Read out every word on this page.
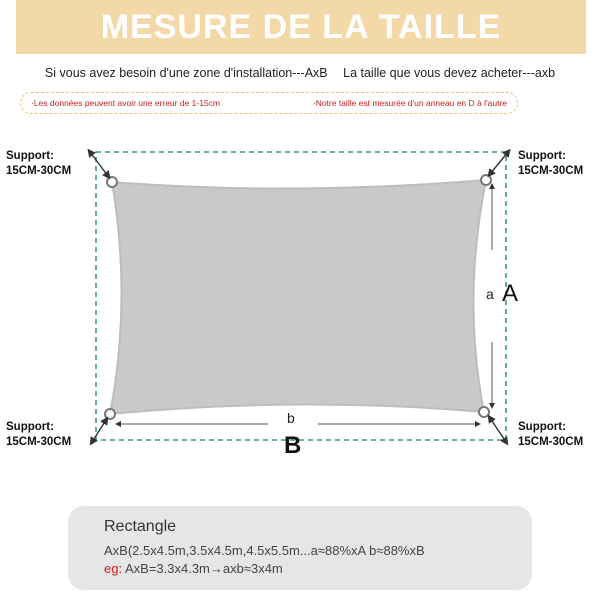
MESURE DE LA TAILLE
Si vous avez besoin d'une zone d'installation---AxB La taille que vous devez acheter---axb
·Les données peuvent avoir une erreur de 1-15cm	·Notre taille est mesurée d'un anneau en D à l'autre
Support:
15CM-30CM
Support:
15CM-30CM
Support:
15CM-30CM
Support:
15CM-30CM
a A
b
B
Rectangle
AxB(2.5x4.5m,3.5x4.5m,4.5x5.5m...a≈88%xA b≈88%xB
eg: AxB=3.3x4.3m→axb≈3x4m
